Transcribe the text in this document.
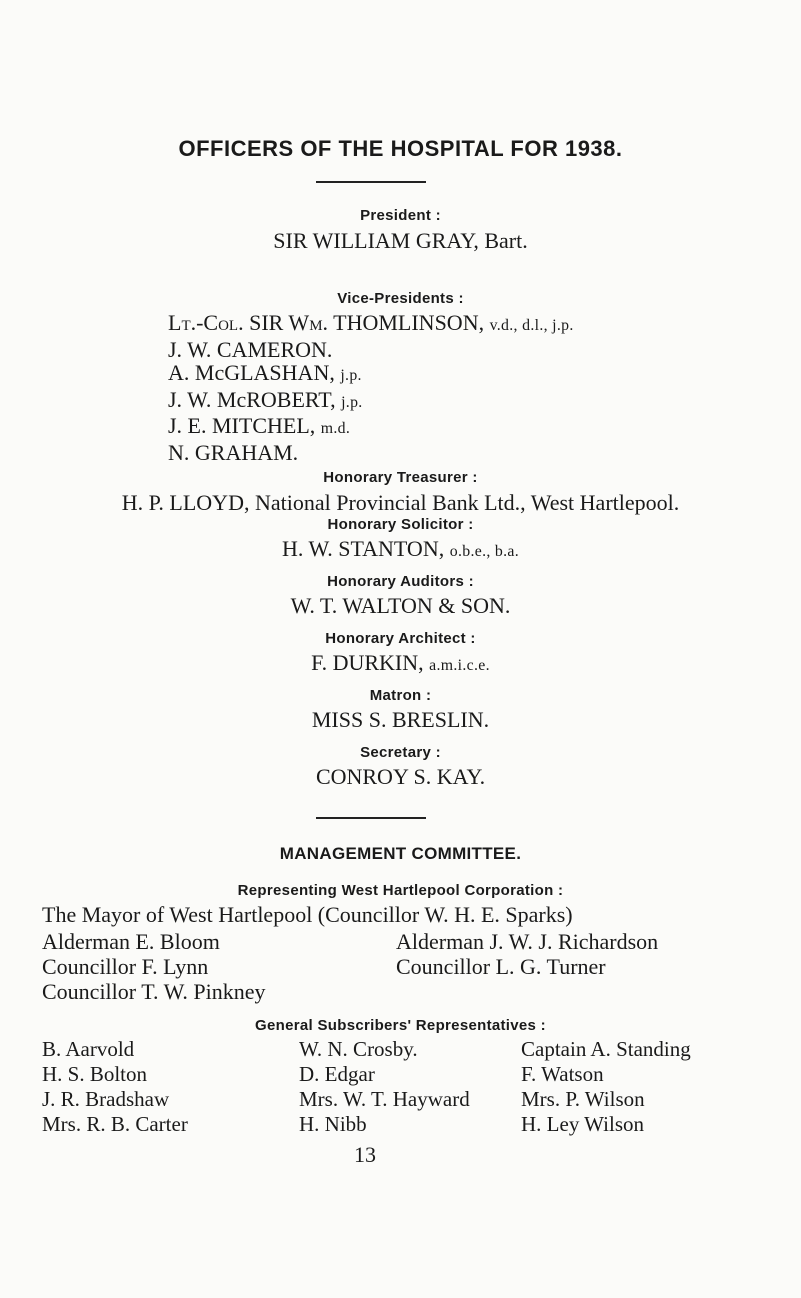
OFFICERS OF THE HOSPITAL FOR 1938.
President :
SIR WILLIAM GRAY, Bart.
Vice-Presidents :
Lt.-Col. SIR Wm. THOMLINSON, v.d., d.l., j.p.
J. W. CAMERON.
A. McGLASHAN, j.p.
J. W. McROBERT, j.p.
J. E. MITCHEL, m.d.
N. GRAHAM.
Honorary Treasurer :
H. P. LLOYD, National Provincial Bank Ltd., West Hartlepool.
Honorary Solicitor :
H. W. STANTON, o.b.e., b.a.
Honorary Auditors :
W. T. WALTON & SON.
Honorary Architect :
F. DURKIN, a.m.i.c.e.
Matron :
MISS S. BRESLIN.
Secretary :
CONROY S. KAY.
MANAGEMENT COMMITTEE.
Representing West Hartlepool Corporation :
The Mayor of West Hartlepool (Councillor W. H. E. Sparks)
Alderman E. Bloom
Councillor F. Lynn
Councillor T. W. Pinkney
Alderman J. W. J. Richardson
Councillor L. G. Turner
General Subscribers' Representatives :
B. Aarvold
H. S. Bolton
J. R. Bradshaw
Mrs. R. B. Carter
W. N. Crosby.
D. Edgar
Mrs. W. T. Hayward
H. Nibb
Captain A. Standing
F. Watson
Mrs. P. Wilson
H. Ley Wilson
13
